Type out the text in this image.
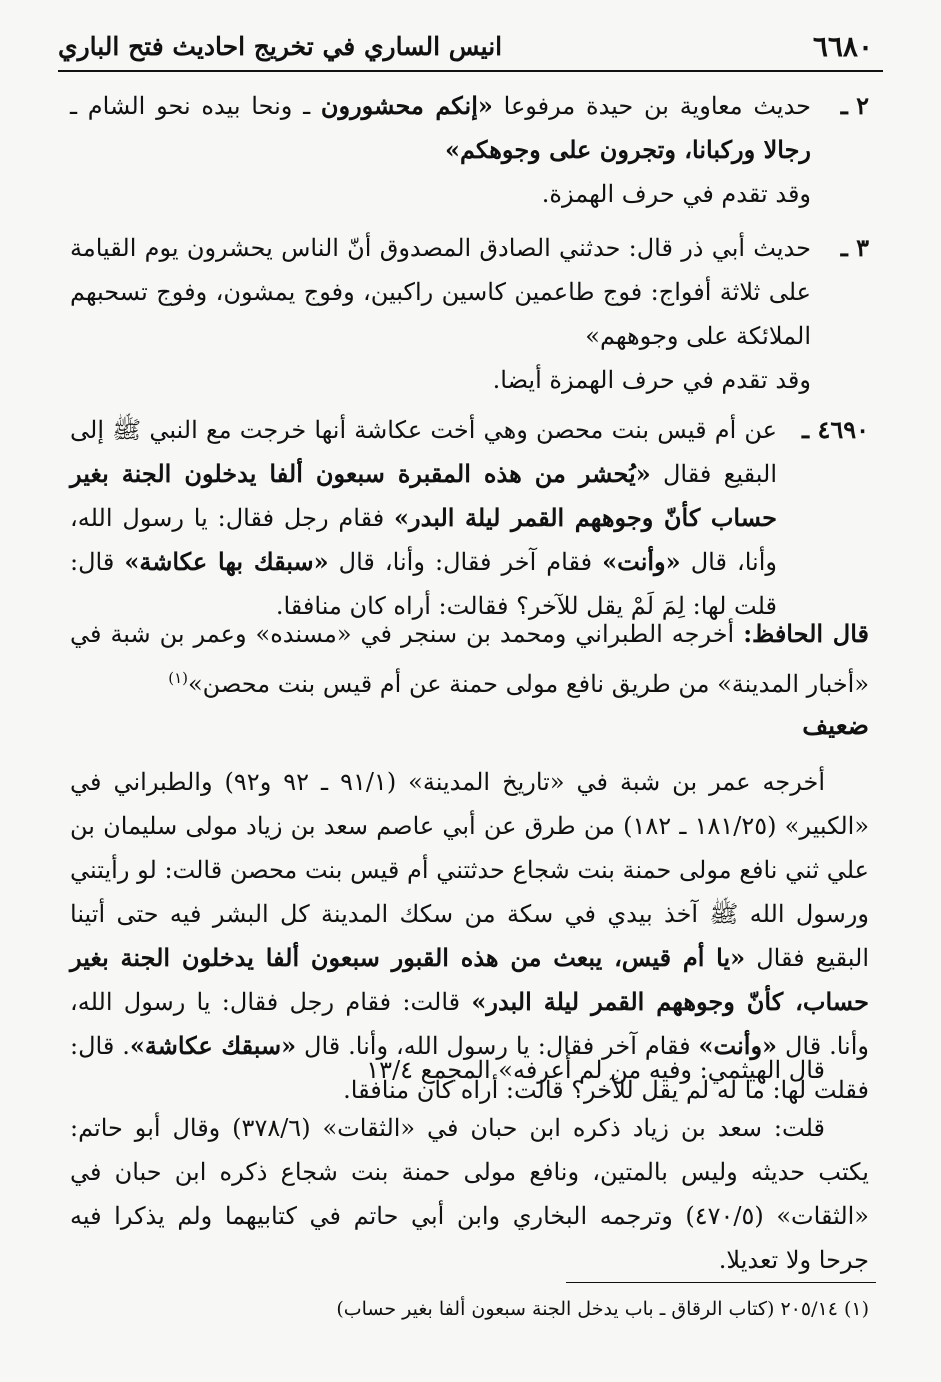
٦٦٨٠
انيس الساري في تخريج احاديث فتح الباري
٢ ـ
حديث معاوية بن حيدة مرفوعا «إنكم محشورون ـ ونحا بيده نحو الشام ـ رجالا وركبانا، وتجرون على وجوهكم»
وقد تقدم في حرف الهمزة.
٣ ـ
حديث أبي ذر قال: حدثني الصادق المصدوق أنّ الناس يحشرون يوم القيامة على ثلاثة أفواج: فوج طاعمين كاسين راكبين، وفوج يمشون، وفوج تسحبهم الملائكة على وجوههم»
وقد تقدم في حرف الهمزة أيضا.
٤٦٩٠ ـ
عن أم قيس بنت محصن وهي أخت عكاشة أنها خرجت مع النبي ﷺ إلى البقيع فقال «يُحشر من هذه المقبرة سبعون ألفا يدخلون الجنة بغير حساب كأنّ وجوههم القمر ليلة البدر» فقام رجل فقال: يا رسول الله، وأنا، قال «وأنت» فقام آخر فقال: وأنا، قال «سبقك بها عكاشة» قال: قلت لها: لِمَ لَمْ يقل للآخر؟ فقالت: أراه كان منافقا.
قال الحافظ: أخرجه الطبراني ومحمد بن سنجر في «مسنده» وعمر بن شبة في «أخبار المدينة» من طريق نافع مولى حمنة عن أم قيس بنت محصن»$^{(١)}$
ضعيف
أخرجه عمر بن شبة في «تاريخ المدينة» (٩١/١ ـ ٩٢ و٩٢) والطبراني في «الكبير» (١٨١/٢٥ ـ ١٨٢) من طرق عن أبي عاصم سعد بن زياد مولى سليمان بن علي ثني نافع مولى حمنة بنت شجاع حدثتني أم قيس بنت محصن قالت: لو رأيتني ورسول الله ﷺ آخذ بيدي في سكة من سكك المدينة كل البشر فيه حتى أتينا البقيع فقال «يا أم قيس، يبعث من هذه القبور سبعون ألفا يدخلون الجنة بغير حساب، كأنّ وجوههم القمر ليلة البدر» قالت: فقام رجل فقال: يا رسول الله، وأنا. قال «وأنت» فقام آخر فقال: يا رسول الله، وأنا. قال «سبقك عكاشة». قال: فقلت لها: ما له لم يقل للآخر؟ قالت: أراه كان منافقا.
قال الهيثمي: وفيه من لم أعرفه» المجمع ١٣/٤
قلت: سعد بن زياد ذكره ابن حبان في «الثقات» (٣٧٨/٦) وقال أبو حاتم: يكتب حديثه وليس بالمتين، ونافع مولى حمنة بنت شجاع ذكره ابن حبان في «الثقات» (٤٧٠/٥) وترجمه البخاري وابن أبي حاتم في كتابيهما ولم يذكرا فيه جرحا ولا تعديلا.
(١) ٢٠٥/١٤ (كتاب الرقاق ـ باب يدخل الجنة سبعون ألفا بغير حساب)
